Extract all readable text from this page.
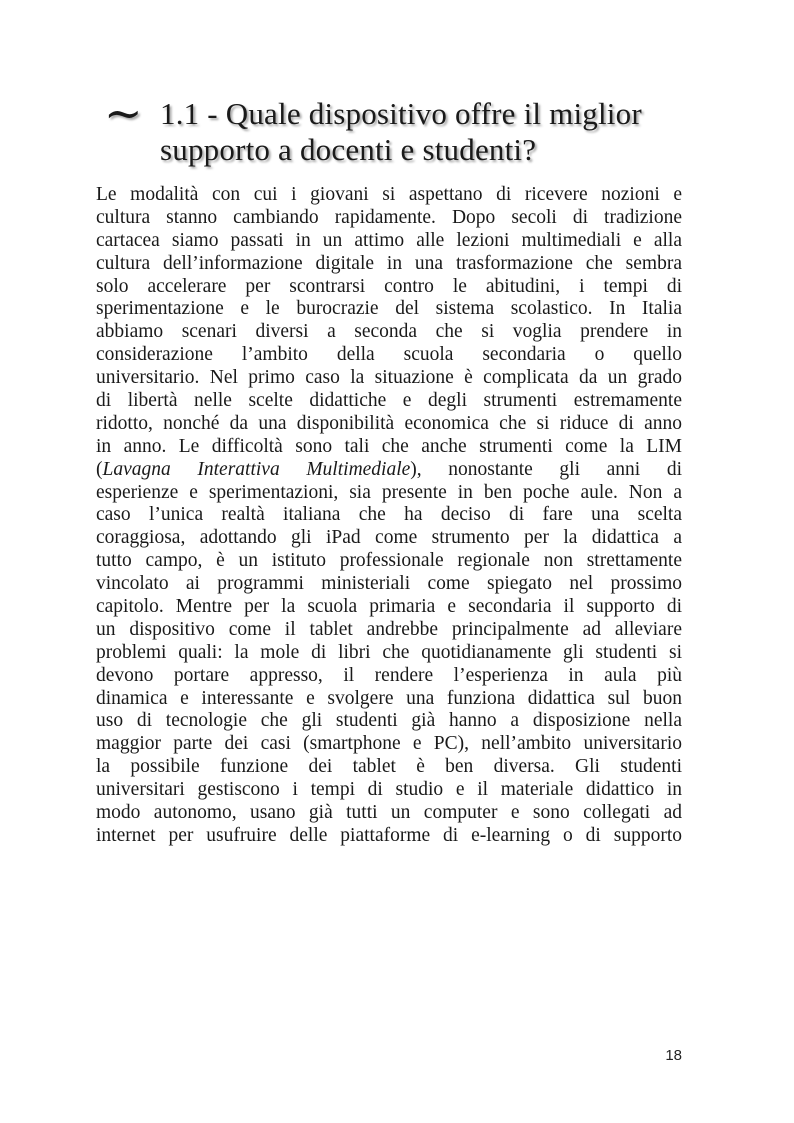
~ 1.1 - Quale dispositivo offre il miglior
supporto a docenti e studenti?
Le modalità con cui i giovani si aspettano di ricevere nozioni e
cultura stanno cambiando rapidamente. Dopo secoli di tradizione
cartacea siamo passati in un attimo alle lezioni multimediali e alla
cultura dell’informazione digitale in una trasformazione che sembra
solo accelerare per scontrarsi contro le abitudini, i tempi di
sperimentazione e le burocrazie del sistema scolastico. In Italia
abbiamo scenari diversi a seconda che si voglia prendere in
considerazione l’ambito della scuola secondaria o quello
universitario. Nel primo caso la situazione è complicata da un grado
di libertà nelle scelte didattiche e degli strumenti estremamente
ridotto, nonché da una disponibilità economica che si riduce di anno
in anno. Le difficoltà sono tali che anche strumenti come la LIM
(Lavagna Interattiva Multimediale), nonostante gli anni di
esperienze e sperimentazioni, sia presente in ben poche aule. Non a
caso l’unica realtà italiana che ha deciso di fare una scelta
coraggiosa, adottando gli iPad come strumento per la didattica a
tutto campo, è un istituto professionale regionale non strettamente
vincolato ai programmi ministeriali come spiegato nel prossimo
capitolo. Mentre per la scuola primaria e secondaria il supporto di
un dispositivo come il tablet andrebbe principalmente ad alleviare
problemi quali: la mole di libri che quotidianamente gli studenti si
devono portare appresso, il rendere l’esperienza in aula più
dinamica e interessante e svolgere una funziona didattica sul buon
uso di tecnologie che gli studenti già hanno a disposizione nella
maggior parte dei casi (smartphone e PC), nell’ambito universitario
la possibile funzione dei tablet è ben diversa. Gli studenti
universitari gestiscono i tempi di studio e il materiale didattico in
modo autonomo, usano già tutti un computer e sono collegati ad
internet per usufruire delle piattaforme di e-learning o di supporto
18
